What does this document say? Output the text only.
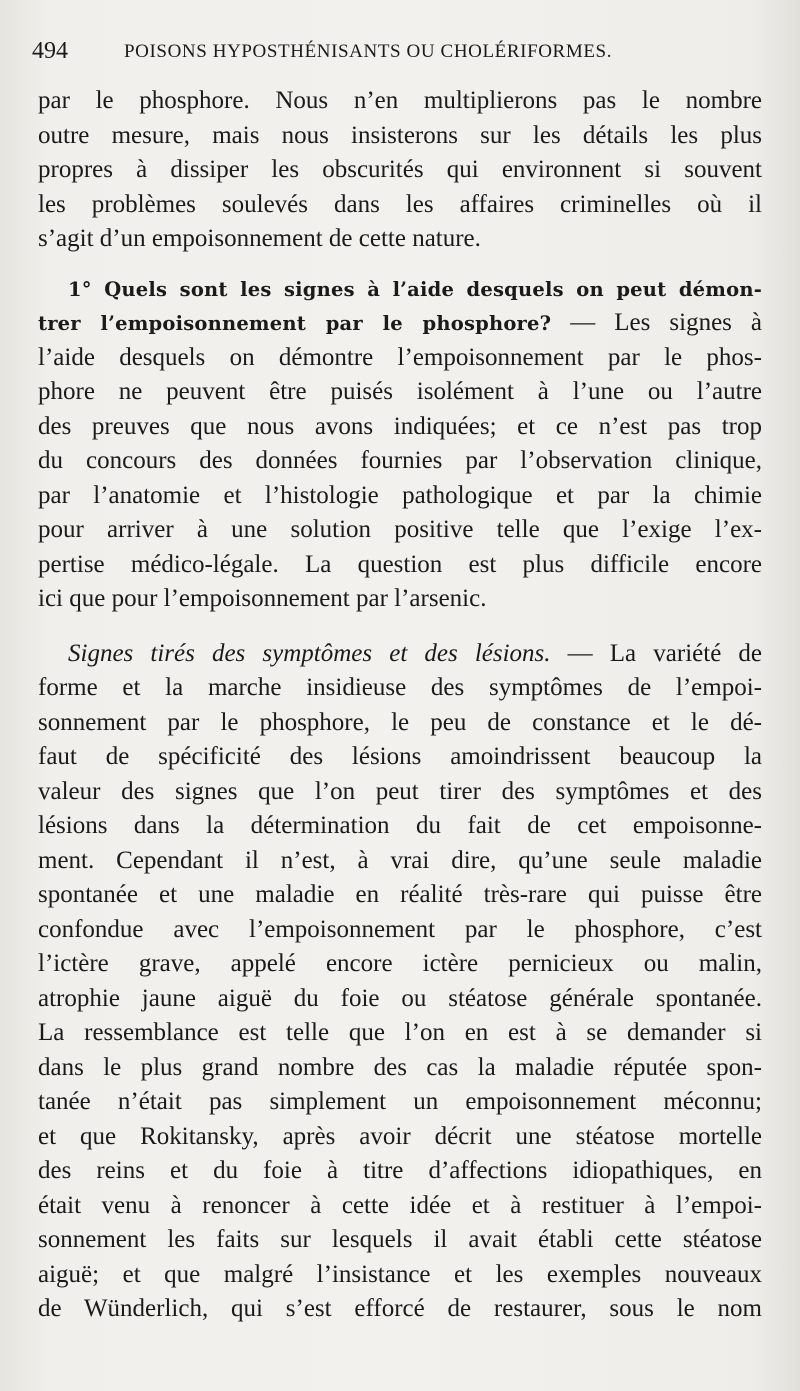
494	POISONS HYPOSTHÉNISANTS OU CHOLÉRIFORMES.
par le phosphore. Nous n’en multiplierons pas le nombre
outre mesure, mais nous insisterons sur les détails les plus
propres à dissiper les obscurités qui environnent si souvent
les problèmes soulevés dans les affaires criminelles où il
s’agit d’un empoisonnement de cette nature.
1° Quels sont les signes à l’aide desquels on peut démon-
trer l’empoisonnement par le phosphore? — Les signes à
l’aide desquels on démontre l’empoisonnement par le phos-
phore ne peuvent être puisés isolément à l’une ou l’autre
des preuves que nous avons indiquées; et ce n’est pas trop
du concours des données fournies par l’observation clinique,
par l’anatomie et l’histologie pathologique et par la chimie
pour arriver à une solution positive telle que l’exige l’ex-
pertise médico-légale. La question est plus difficile encore
ici que pour l’empoisonnement par l’arsenic.
Signes tirés des symptômes et des lésions. — La variété de
forme et la marche insidieuse des symptômes de l’empoi-
sonnement par le phosphore, le peu de constance et le dé-
faut de spécificité des lésions amoindrissent beaucoup la
valeur des signes que l’on peut tirer des symptômes et des
lésions dans la détermination du fait de cet empoisonne-
ment. Cependant il n’est, à vrai dire, qu’une seule maladie
spontanée et une maladie en réalité très-rare qui puisse être
confondue avec l’empoisonnement par le phosphore, c’est
l’ictère grave, appelé encore ictère pernicieux ou malin,
atrophie jaune aiguë du foie ou stéatose générale spontanée.
La ressemblance est telle que l’on en est à se demander si
dans le plus grand nombre des cas la maladie réputée spon-
tanée n’était pas simplement un empoisonnement méconnu;
et que Rokitansky, après avoir décrit une stéatose mortelle
des reins et du foie à titre d’affections idiopathiques, en
était venu à renoncer à cette idée et à restituer à l’empoi-
sonnement les faits sur lesquels il avait établi cette stéatose
aiguë; et que malgré l’insistance et les exemples nouveaux
de Wünderlich, qui s’est efforcé de restaurer, sous le nom
